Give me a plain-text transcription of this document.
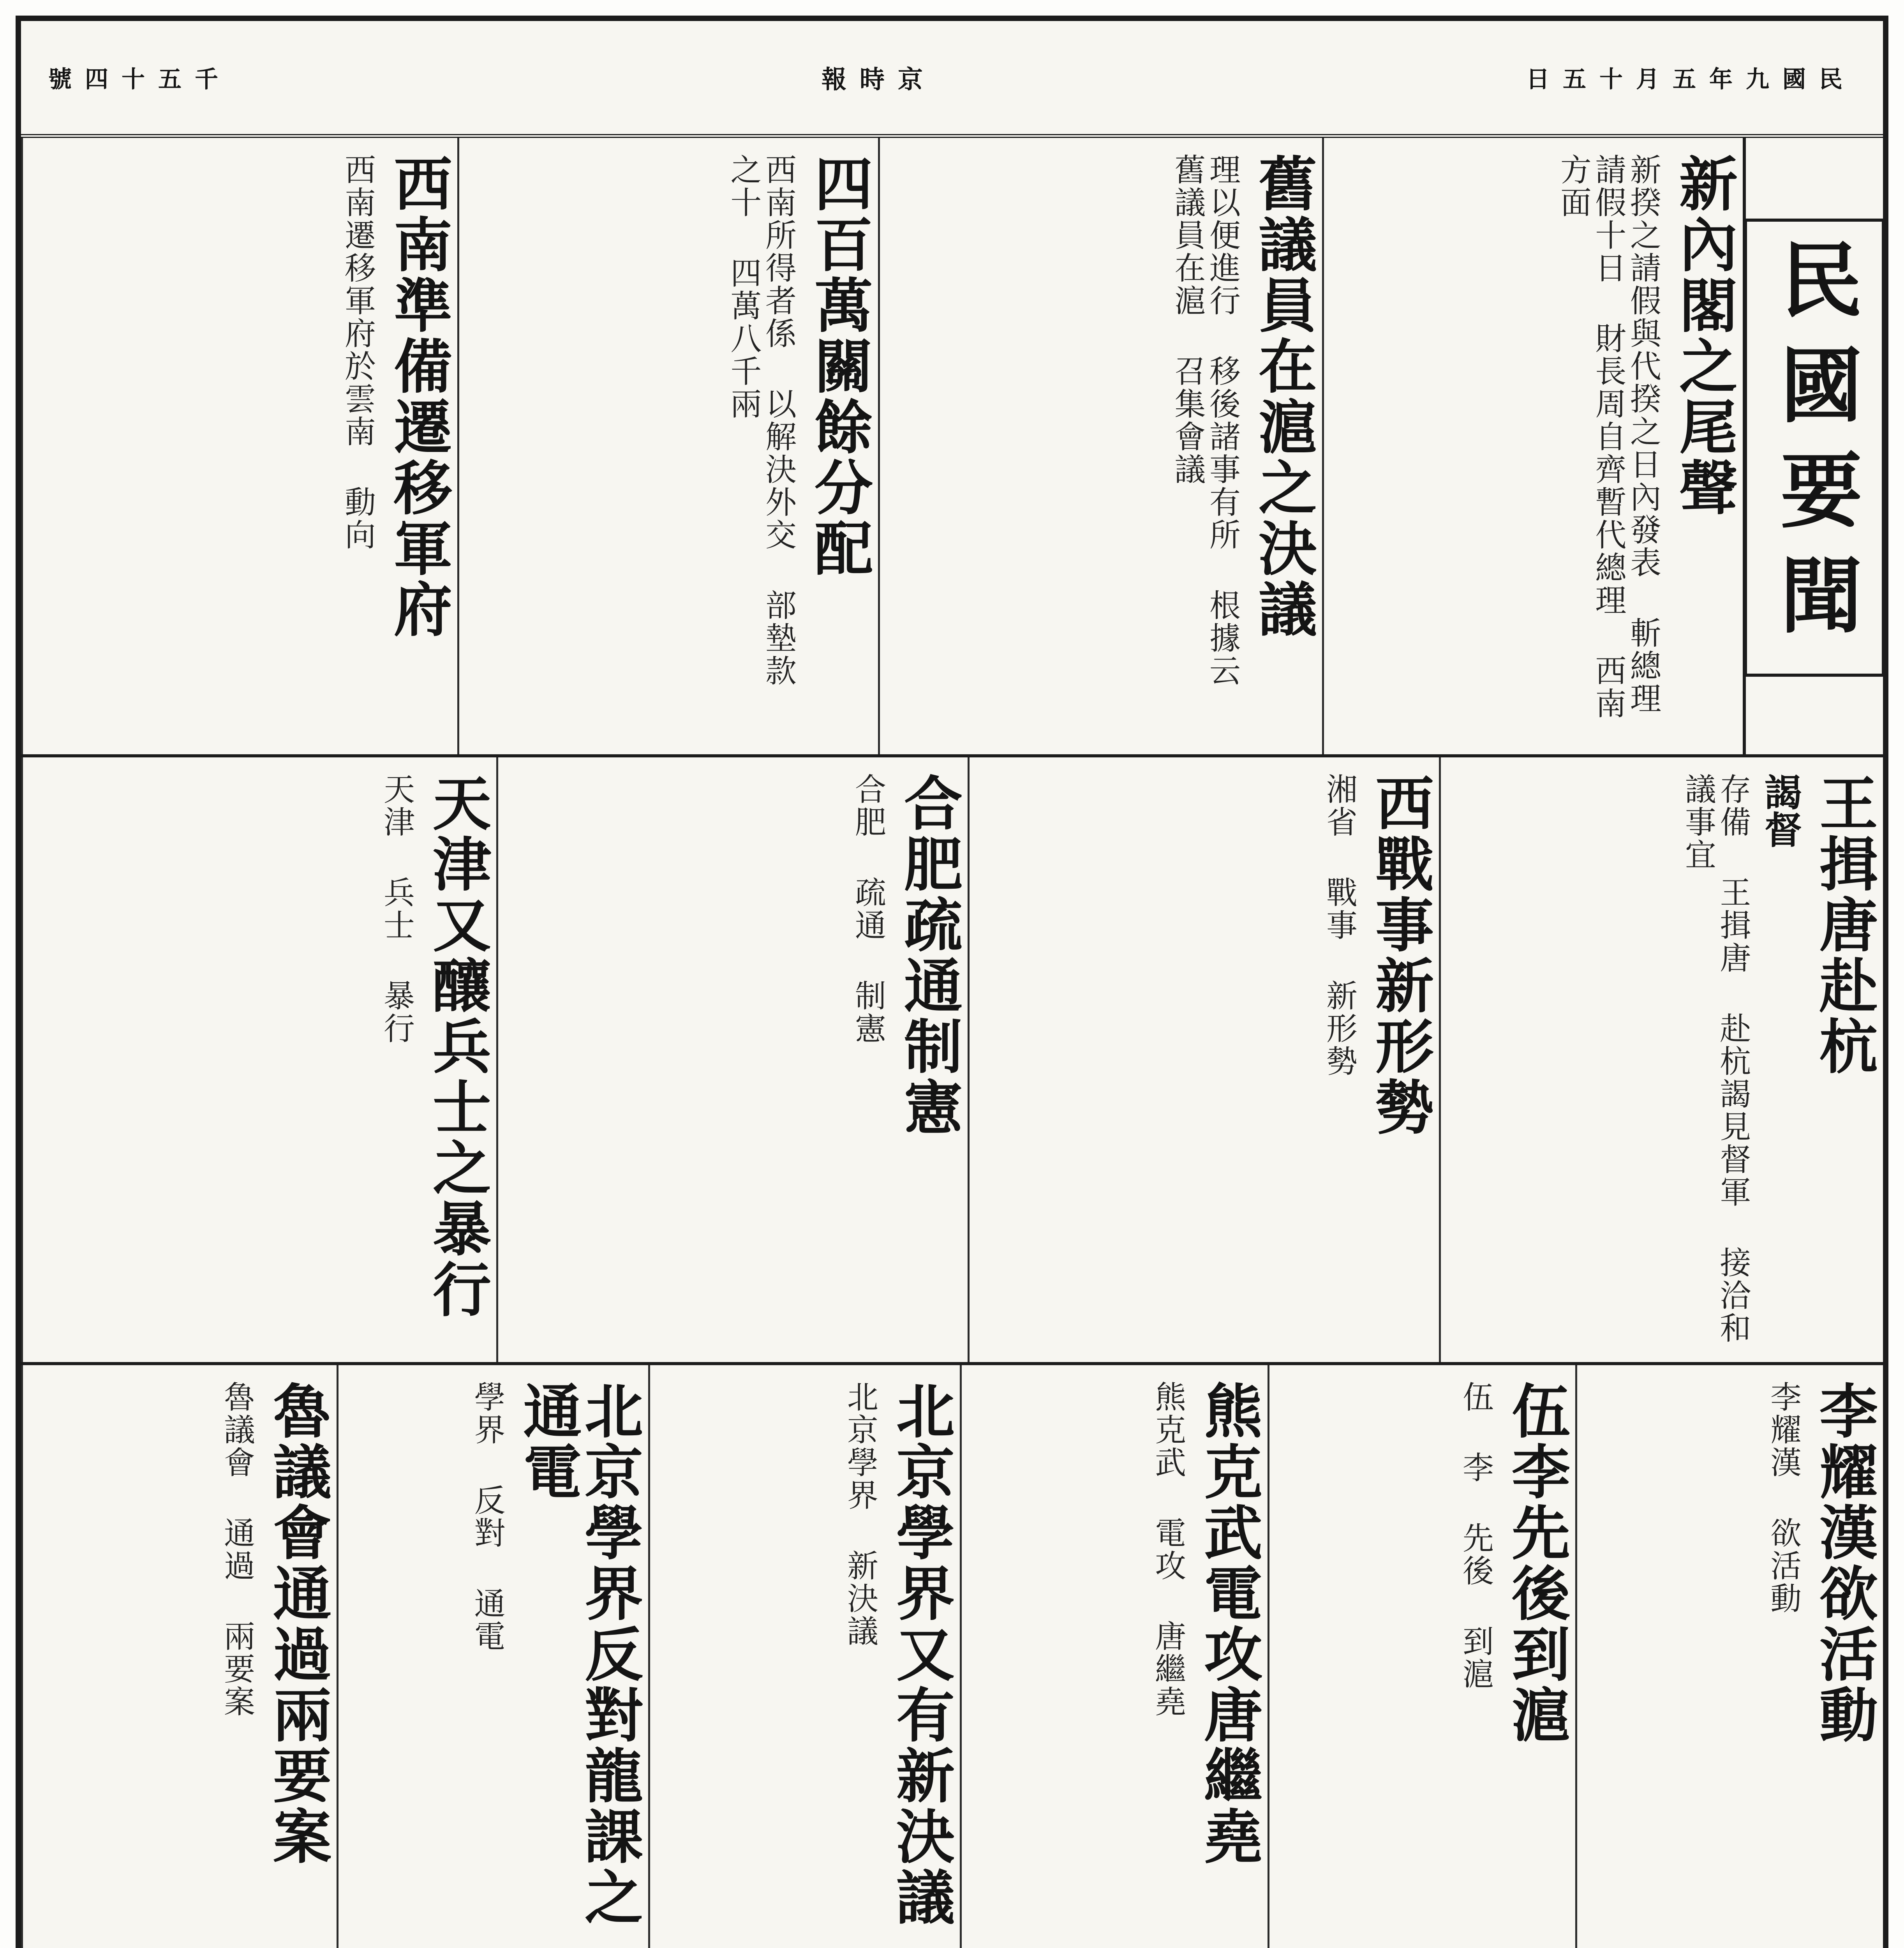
號四十五千	報時京	日五十月五年九國民
民國要聞
新內閣之尾聲

新揆之請假與代揆之日內發表 斬總理請假十日 財長周自齊暫代總理 西南方面

舊議員在滬之決議

理以便進行 移後諸事有所 根據云 舊議員在滬 召集會議

四百萬關餘分配

西南所得者係 以解決外交 部墊款 之十 四萬八千兩

西南準備遷移軍府

西南遷移軍府於雲南 動向

王揖唐赴杭
謁督

存備 王揖唐 赴杭謁見督軍 接洽和議事宜

西戰事新形勢

湘省 戰事 新形勢

合肥疏通制憲

合肥 疏通 制憲

天津又釀兵士之暴行

天津 兵士 暴行

李耀漢欲活動

李耀漢 欲活動

伍李先後到滬

伍 李 先後 到滬

熊克武電攻唐繼堯

熊克武 電攻 唐繼堯

北京學界又有新決議

北京學界 新決議

北京學界反對龍課之通電

學界 反對 通電

魯議會通過兩要案

魯議會 通過 兩要案
